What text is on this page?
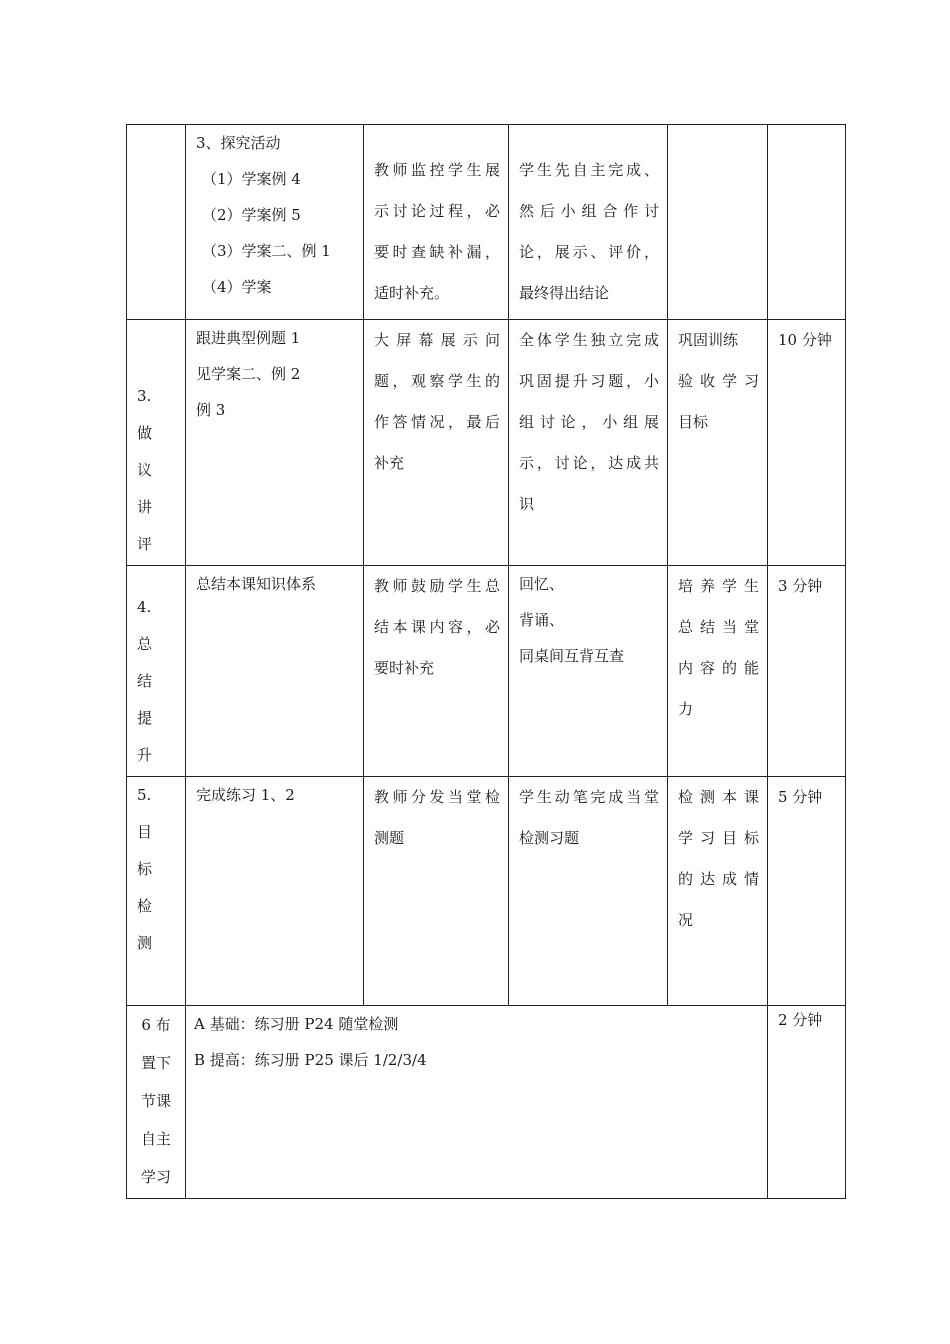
	3、探究活动
（1）学案例 4
（2）学案例 5
（3）学案二、例 1
（4）学案	教师监控学生展
示讨论过程，必
要时查缺补漏，
适时补充。	学生先自主完成、
然后小组合作讨
论，展示、评价，
最终得出结论		

3.
做
议
讲
评	跟进典型例题 1
见学案二、例 2
例 3	大屏幕展示问
题，观察学生的
作答情况，最后
补充	全体学生独立完成
巩固提升习题，小
组讨论，小组展
示，讨论，达成共
识	巩固训练
验收学习
目标	10 分钟

4.
总
结
提
升	总结本课知识体系	教师鼓励学生总
结本课内容，必
要时补充	回忆、
背诵、
同桌间互背互查	培养学生
总结当堂
内容的能
力	3 分钟

5.
目
标
检
测	完成练习 1、2	教师分发当堂检
测题	学生动笔完成当堂
检测习题	检测本课
学习目标
的达成情
况	5 分钟

6 布
置下
节课
自主
学习	A 基础：练习册 P24 随堂检测
B 提高：练习册 P25 课后 1/2/3/4				2 分钟
